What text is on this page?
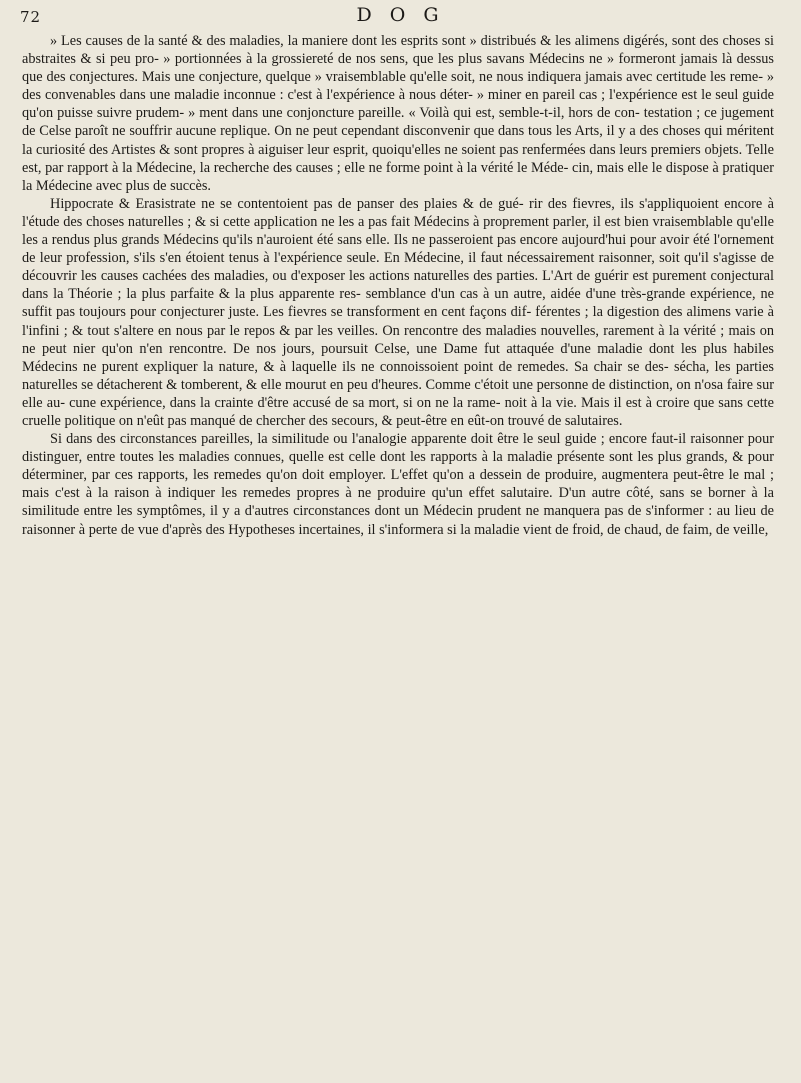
72	D O G

» Les causes de la santé & des maladies, la maniere dont les esprits sont » distribués & les alimens digérés, sont des choses si abstraites & si peu pro- » portionnées à la grossiereté de nos sens, que les plus savans Médecins ne » formeront jamais là dessus que des conjectures. Mais une conjecture, quelque » vraisemblable qu'elle soit, ne nous indiquera jamais avec certitude les reme- » des convenables dans une maladie inconnue : c'est à l'expérience à nous déter- » miner en pareil cas ; l'expérience est le seul guide qu'on puisse suivre prudem- » ment dans une conjoncture pareille. « Voilà qui est, semble-t-il, hors de con- testation ; ce jugement de Celse paroît ne souffrir aucune replique. On ne peut cependant disconvenir que dans tous les Arts, il y a des choses qui méritent la curiosité des Artistes & sont propres à aiguiser leur esprit, quoiqu'elles ne soient pas renfermées dans leurs premiers objets. Telle est, par rapport à la Médecine, la recherche des causes ; elle ne forme point à la vérité le Méde- cin, mais elle le dispose à pratiquer la Médecine avec plus de succès.

Hippocrate & Erasistrate ne se contentoient pas de panser des plaies & de gué- rir des fievres, ils s'appliquoient encore à l'étude des choses naturelles ; & si cette application ne les a pas fait Médecins à proprement parler, il est bien vraisemblable qu'elle les a rendus plus grands Médecins qu'ils n'auroient été sans elle. Ils ne passeroient pas encore aujourd'hui pour avoir été l'ornement de leur profession, s'ils s'en étoient tenus à l'expérience seule. En Médecine, il faut nécessairement raisonner, soit qu'il s'agisse de découvrir les causes cachées des maladies, ou d'exposer les actions naturelles des parties. L'Art de guérir est purement conjectural dans la Théorie ; la plus parfaite & la plus apparente res- semblance d'un cas à un autre, aidée d'une très-grande expérience, ne suffit pas toujours pour conjecturer juste. Les fievres se transforment en cent façons dif- férentes ; la digestion des alimens varie à l'infini ; & tout s'altere en nous par le repos & par les veilles. On rencontre des maladies nouvelles, rarement à la vérité ; mais on ne peut nier qu'on n'en rencontre. De nos jours, poursuit Celse, une Dame fut attaquée d'une maladie dont les plus habiles Médecins ne purent expliquer la nature, & à laquelle ils ne connoissoient point de remedes. Sa chair se des- sécha, les parties naturelles se détacherent & tomberent, & elle mourut en peu d'heures. Comme c'étoit une personne de distinction, on n'osa faire sur elle au- cune expérience, dans la crainte d'être accusé de sa mort, si on ne la rame- noit à la vie. Mais il est à croire que sans cette cruelle politique on n'eût pas manqué de chercher des secours, & peut-être en eût-on trouvé de salutaires.

Si dans des circonstances pareilles, la similitude ou l'analogie apparente doit être le seul guide ; encore faut-il raisonner pour distinguer, entre toutes les maladies connues, quelle est celle dont les rapports à la maladie présente sont les plus grands, & pour déterminer, par ces rapports, les remedes qu'on doit employer. L'effet qu'on a dessein de produire, augmentera peut-être le mal ; mais c'est à la raison à indiquer les remedes propres à ne produire qu'un effet salutaire. D'un autre côté, sans se borner à la similitude entre les symptômes, il y a d'autres circonstances dont un Médecin prudent ne manquera pas de s'informer : au lieu de raisonner à perte de vue d'après des Hypotheses incertaines, il s'informera si la maladie vient de froid, de chaud, de faim, de veille,
